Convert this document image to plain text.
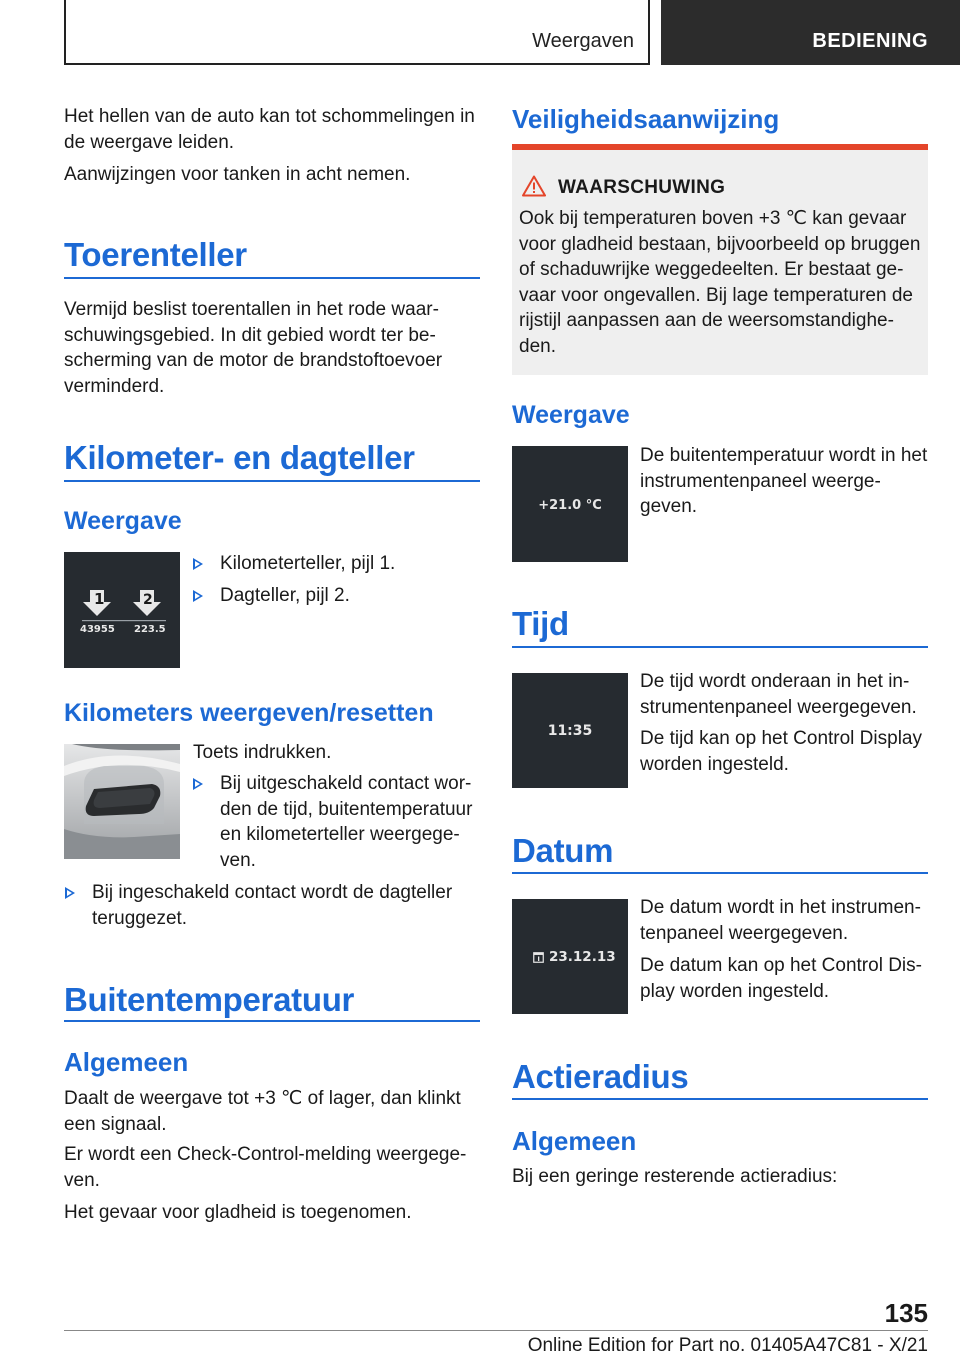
Weergaven	BEDIENING

Het hellen van de auto kan tot schommelingen in de weergave leiden.

Aanwijzingen voor tanken in acht nemen.

Toerenteller

Vermijd beslist toerentallen in het rode waar-schuwingsgebied. In dit gebied wordt ter be-scherming van de motor de brandstoftoevoer verminderd.

Kilometer- en dagteller
Weergave
1	2
43955 223.5
Kilometerteller, pijl 1.
Dagteller, pijl 2.
Kilometers weergeven/resetten
Toets indrukken.
Bij uitgeschakeld contact wor-den de tijd, buitentemperatuur en kilometerteller weergege-ven.
Bij ingeschakeld contact wordt de dagteller teruggezet.
Buitentemperatuur
Algemeen

Daalt de weergave tot +3 ℃ of lager, dan klinkt een signaal.

Er wordt een Check-Control-melding weergege-ven.

Het gevaar voor gladheid is toegenomen.

Veiligheidsaanwijzing
WAARSCHUWING

Ook bij temperaturen boven +3 ℃ kan gevaar voor gladheid bestaan, bijvoorbeeld op bruggen of schaduwrijke weggedeelten. Er bestaat ge-vaar voor ongevallen. Bij lage temperaturen de rijstijl aanpassen aan de weersomstandighe-den.

Weergave
+21.0 °C

De buitentemperatuur wordt in het instrumentenpaneel weerge-geven.

Tijd
11:35

De tijd wordt onderaan in het in-strumentenpaneel weergegeven.

De tijd kan op het Control Display worden ingesteld.

Datum
23.12.13

De datum wordt in het instrumen-tenpaneel weergegeven.

De datum kan op het Control Dis-play worden ingesteld.

Actieradius
Algemeen

Bij een geringe resterende actieradius:

135
Online Edition for Part no. 01405A47C81 - X/21
